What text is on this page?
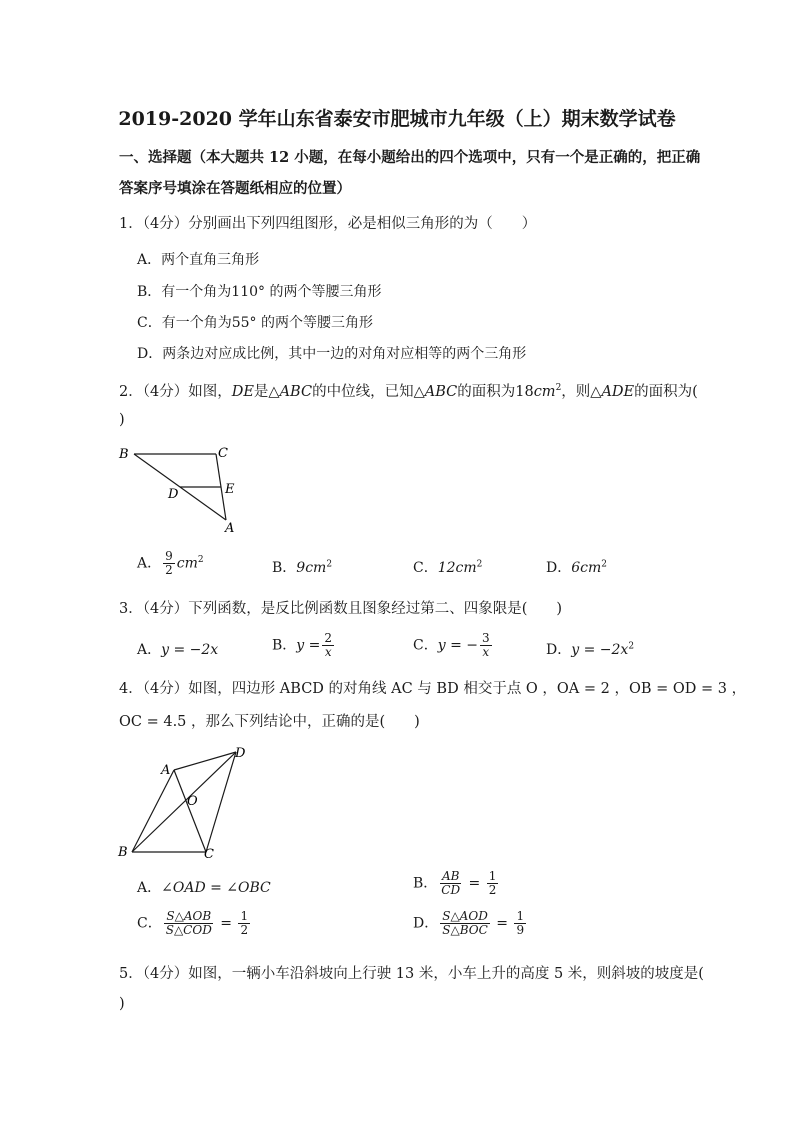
2019-2020 学年山东省泰安市肥城市九年级（上）期末数学试卷
一、选择题（本大题共 12 小题，在每小题给出的四个选项中，只有一个是正确的，把正确
答案序号填涂在答题纸相应的位置）
1．（4分）分别画出下列四组图形，必是相似三角形的为（　　）
A．两个直角三角形
B．有一个角为110° 的两个等腰三角形
C．有一个角为55° 的两个等腰三角形
D．两条边对应成比例，其中一边的对角对应相等的两个三角形
2．（4分）如图，DE是△ABC的中位线，已知△ABC的面积为$18cm^2$，则△ADE的面积为(
)
B	C
D	E
A
A． $\frac{9}{2} cm^2$
B．$9cm^2$	C．$12cm^2$	D．$6cm^2$
3．（4分）下列函数，是反比例函数且图象经过第二、四象限是(　　)
A．y = −2x	B．$y = \frac{2}{x}$	C．y = − $\frac{3}{x}$	D．$y = -2x^2$
4．（4分）如图，四边形 ABCD 的对角线 AC 与 BD 相交于点 O ，OA = 2 ，OB = OD = 3 ，
OC = 4.5 ，那么下列结论中，正确的是(　　)
A
D
O
B	C
A．∠OAD = ∠OBC	B． $\frac{AB}{CD} = \frac{1}{2}$
C． $\frac{\text{S△AOB}}{\text{S△COD}} = \frac{1}{2}$	D． $\frac{\text{S△AOD}}{\text{S△BOC}} = \frac{1}{9}$
5．（4分）如图，一辆小车沿斜坡向上行驶 13 米，小车上升的高度 5 米，则斜坡的坡度是(
)
